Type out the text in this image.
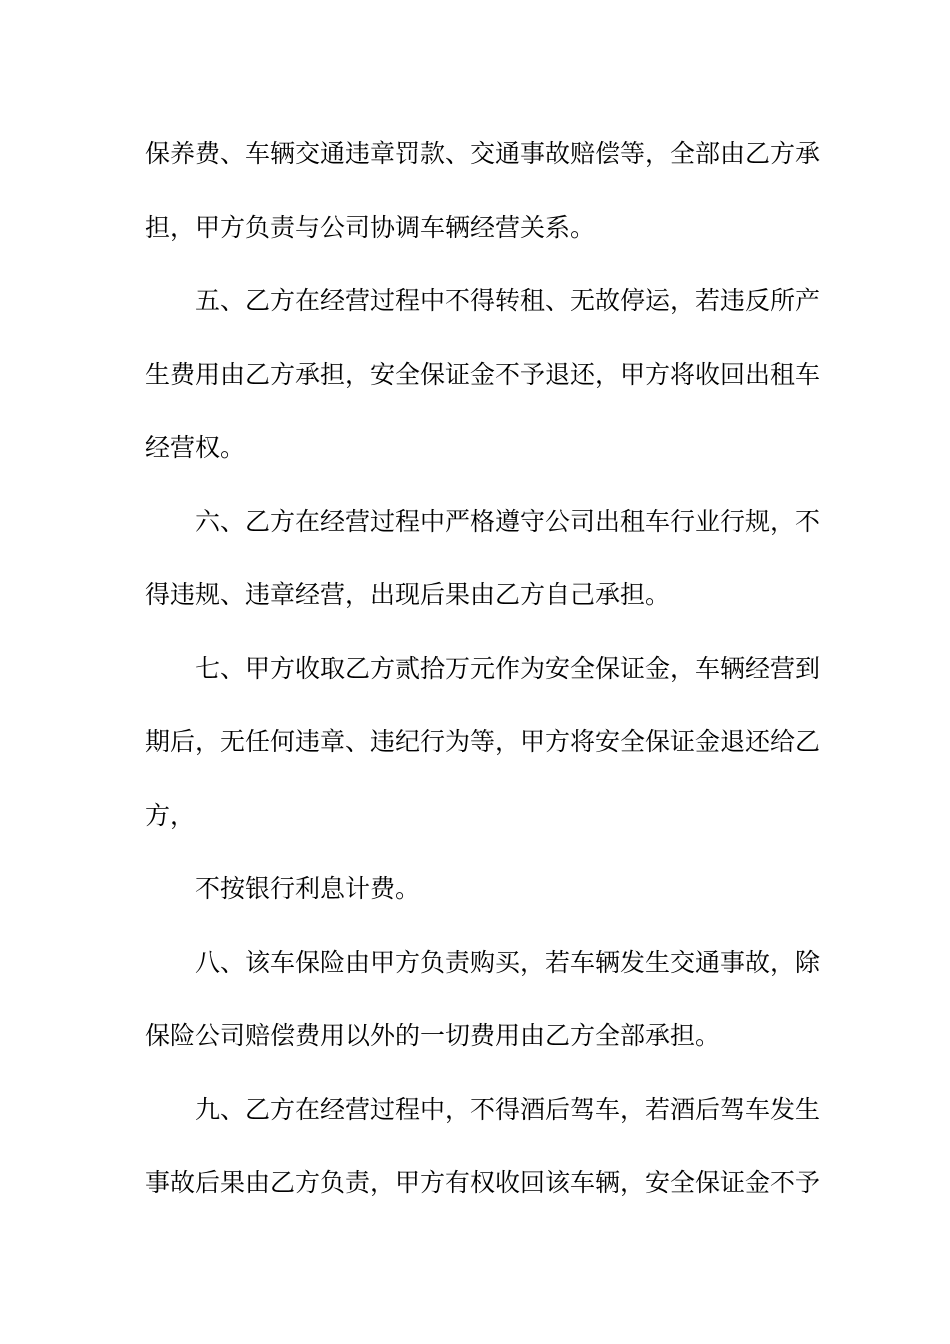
保养费、车辆交通违章罚款、交通事故赔偿等，全部由乙方承
担，甲方负责与公司协调车辆经营关系。
五、乙方在经营过程中不得转租、无故停运，若违反所产
生费用由乙方承担，安全保证金不予退还，甲方将收回出租车
经营权。
六、乙方在经营过程中严格遵守公司出租车行业行规，不
得违规、违章经营，出现后果由乙方自己承担。
七、甲方收取乙方贰拾万元作为安全保证金，车辆经营到
期后，无任何违章、违纪行为等，甲方将安全保证金退还给乙
方，
不按银行利息计费。
八、该车保险由甲方负责购买，若车辆发生交通事故，除
保险公司赔偿费用以外的一切费用由乙方全部承担。
九、乙方在经营过程中，不得酒后驾车，若酒后驾车发生
事故后果由乙方负责，甲方有权收回该车辆，安全保证金不予
